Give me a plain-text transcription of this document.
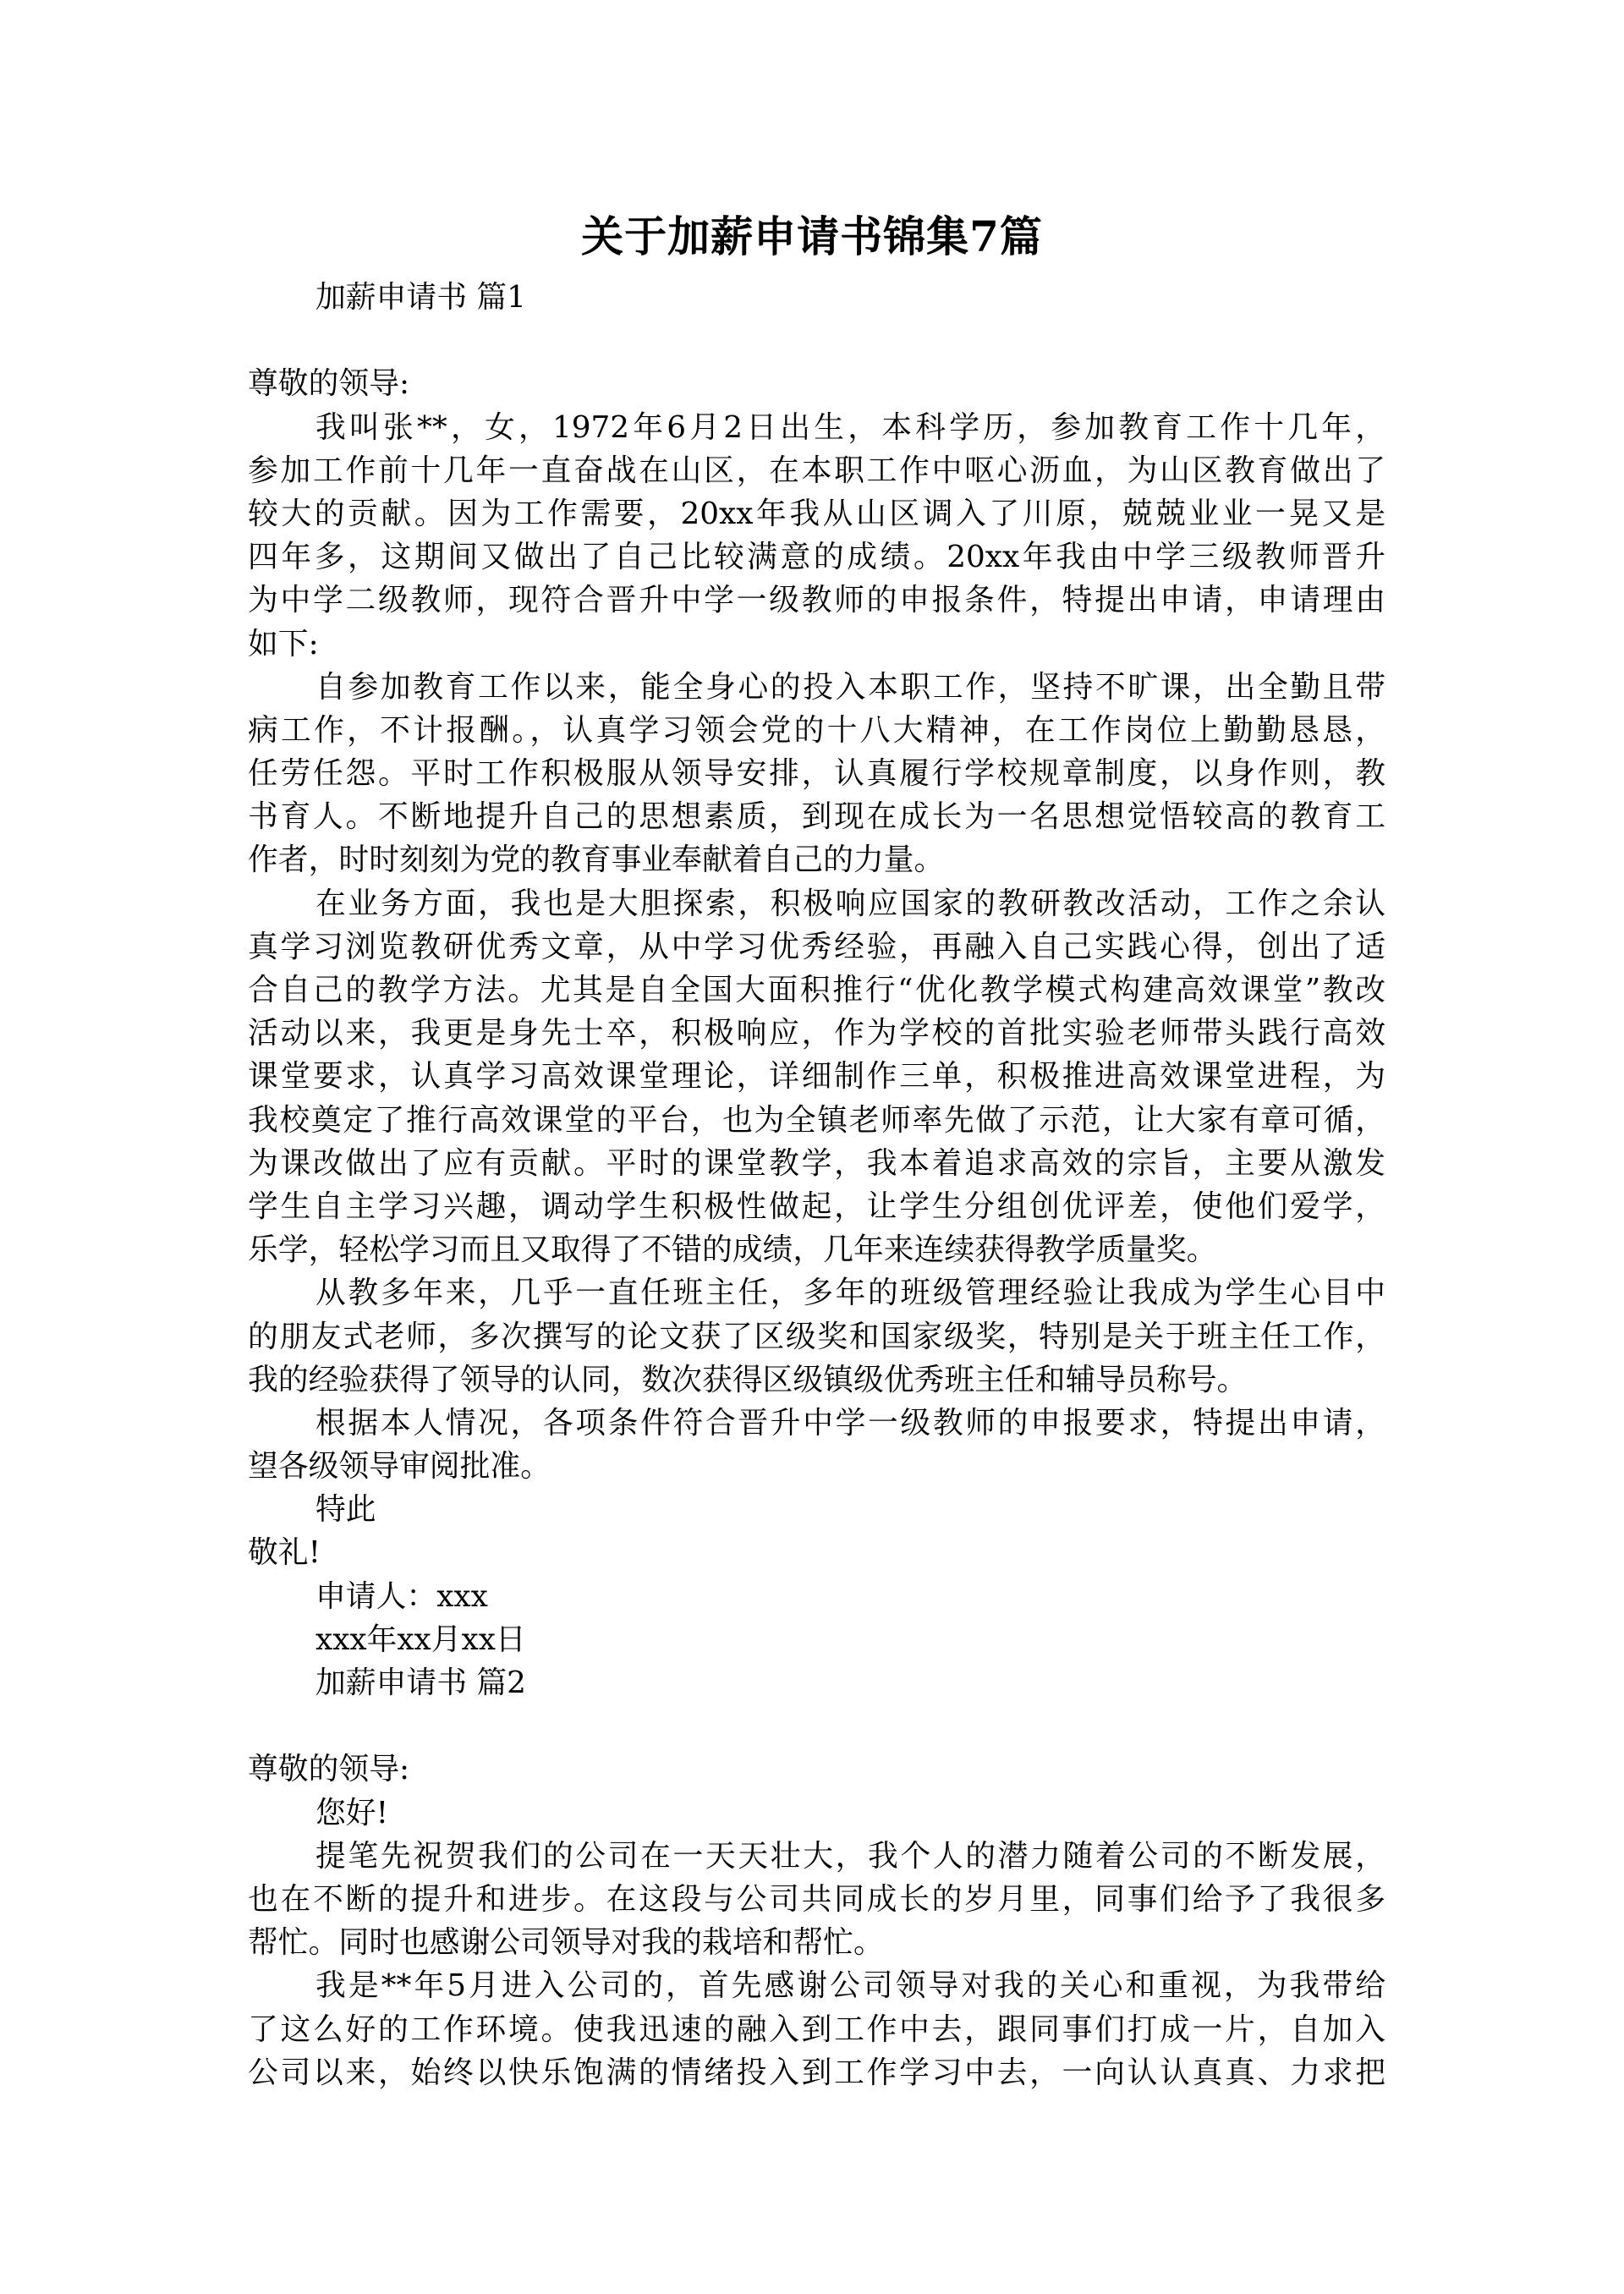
关于加薪申请书锦集7篇
加薪申请书 篇1
尊敬的领导:
我叫张**，女，1972年6月2日出生，本科学历，参加教育工作十几年，
参加工作前十几年一直奋战在山区，在本职工作中呕心沥血，为山区教育做出了
较大的贡献。因为工作需要，20xx年我从山区调入了川原，兢兢业业一晃又是
四年多，这期间又做出了自己比较满意的成绩。20xx年我由中学三级教师晋升
为中学二级教师，现符合晋升中学一级教师的申报条件，特提出申请，申请理由
如下:
自参加教育工作以来，能全身心的投入本职工作，坚持不旷课，出全勤且带
病工作，不计报酬。，认真学习领会党的十八大精神，在工作岗位上勤勤恳恳，
任劳任怨。平时工作积极服从领导安排，认真履行学校规章制度，以身作则，教
书育人。不断地提升自己的思想素质，到现在成长为一名思想觉悟较高的教育工
作者，时时刻刻为党的教育事业奉献着自己的力量。
在业务方面，我也是大胆探索，积极响应国家的教研教改活动，工作之余认
真学习浏览教研优秀文章，从中学习优秀经验，再融入自己实践心得，创出了适
合自己的教学方法。尤其是自全国大面积推行“优化教学模式构建高效课堂”教改
活动以来，我更是身先士卒，积极响应，作为学校的首批实验老师带头践行高效
课堂要求，认真学习高效课堂理论，详细制作三单，积极推进高效课堂进程，为
我校奠定了推行高效课堂的平台，也为全镇老师率先做了示范，让大家有章可循，
为课改做出了应有贡献。平时的课堂教学，我本着追求高效的宗旨，主要从激发
学生自主学习兴趣，调动学生积极性做起，让学生分组创优评差，使他们爱学，
乐学，轻松学习而且又取得了不错的成绩，几年来连续获得教学质量奖。
从教多年来，几乎一直任班主任，多年的班级管理经验让我成为学生心目中
的朋友式老师，多次撰写的论文获了区级奖和国家级奖，特别是关于班主任工作，
我的经验获得了领导的认同，数次获得区级镇级优秀班主任和辅导员称号。
根据本人情况，各项条件符合晋升中学一级教师的申报要求，特提出申请，
望各级领导审阅批准。
特此
敬礼!
申请人：xxx
xxx年xx月xx日
加薪申请书 篇2
尊敬的领导:
您好!
提笔先祝贺我们的公司在一天天壮大，我个人的潜力随着公司的不断发展，
也在不断的提升和进步。在这段与公司共同成长的岁月里，同事们给予了我很多
帮忙。同时也感谢公司领导对我的栽培和帮忙。
我是**年5月进入公司的，首先感谢公司领导对我的关心和重视，为我带给
了这么好的工作环境。使我迅速的融入到工作中去，跟同事们打成一片，自加入
公司以来，始终以快乐饱满的情绪投入到工作学习中去，一向认认真真、力求把
